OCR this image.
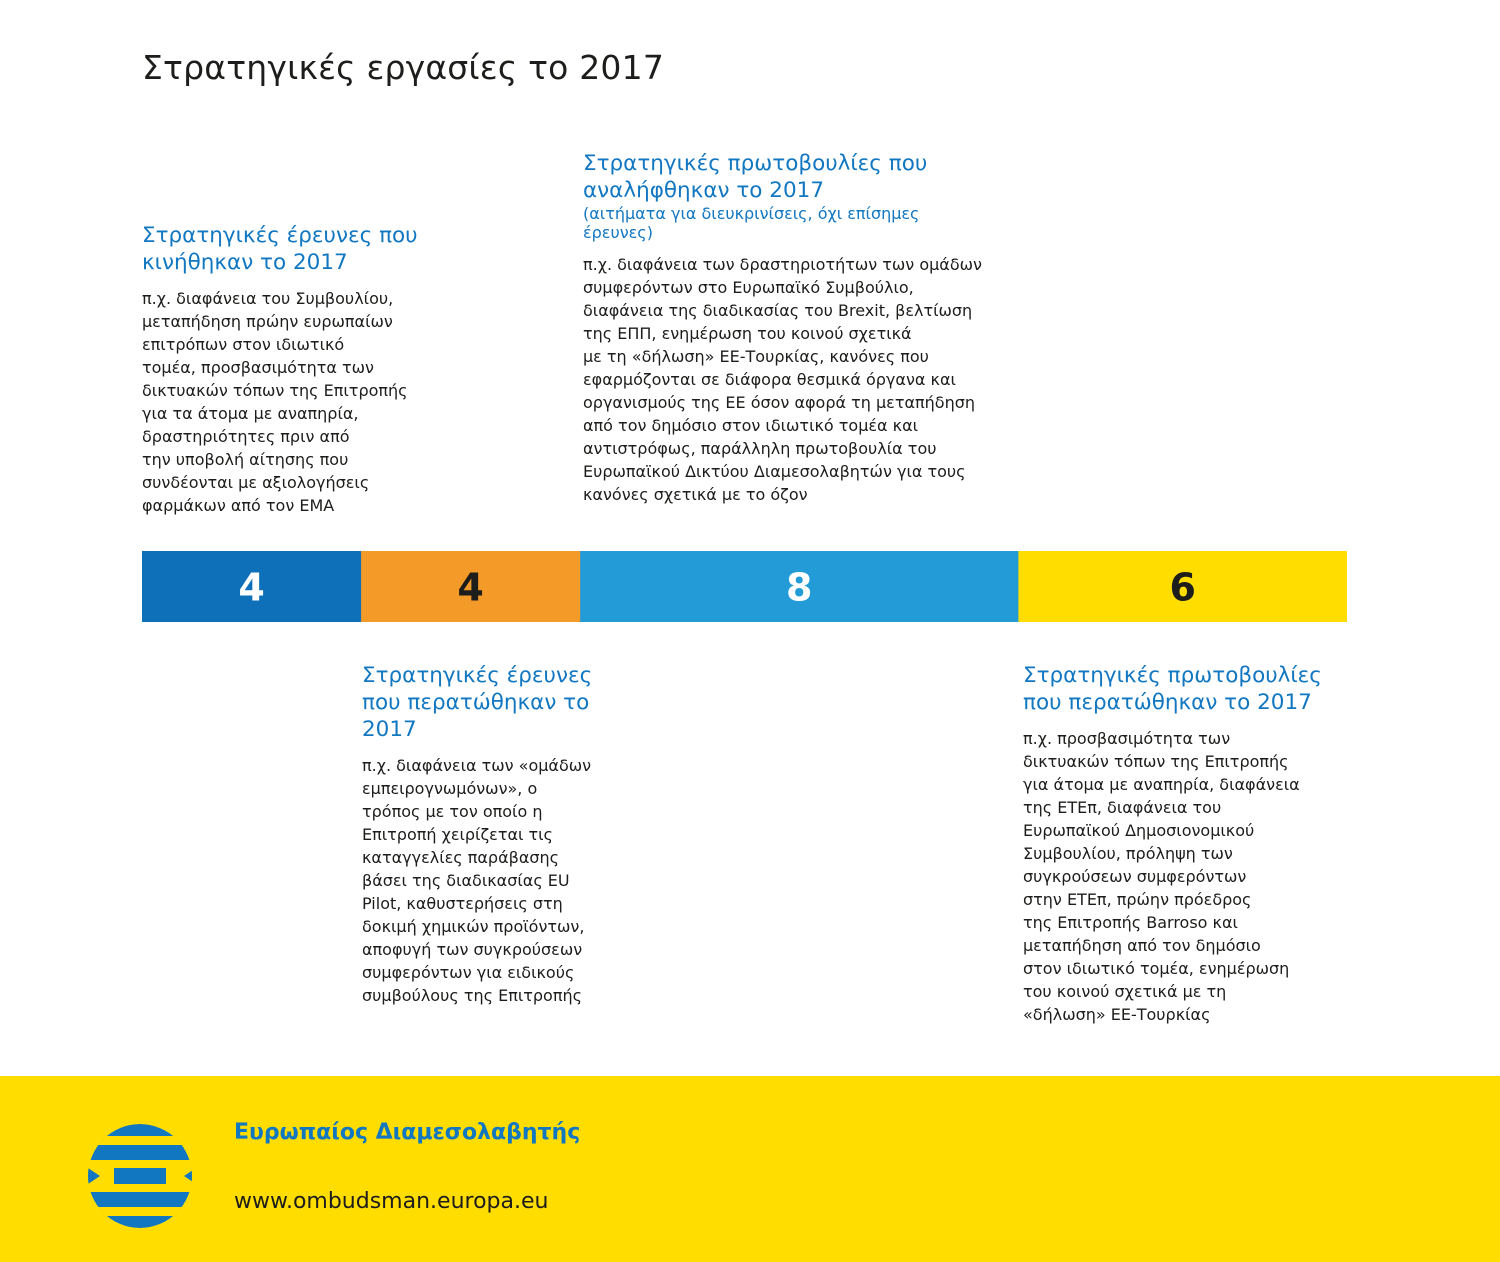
Στρατηγικές εργασίες το 2017
Στρατηγικές έρευνες που
κινήθηκαν το 2017
π.χ. διαφάνεια του Συμβουλίου,
μεταπήδηση πρώην ευρωπαίων
επιτρόπων στον ιδιωτικό
τομέα, προσβασιμότητα των
δικτυακών τόπων της Επιτροπής
για τα άτομα με αναπηρία,
δραστηριότητες πριν από
την υποβολή αίτησης που
συνδέονται με αξιολογήσεις
φαρμάκων από τον ΕΜΑ
Στρατηγικές πρωτοβουλίες που
αναλήφθηκαν το 2017
(αιτήματα για διευκρινίσεις, όχι επίσημες
έρευνες)
π.χ. διαφάνεια των δραστηριοτήτων των ομάδων
συμφερόντων στο Ευρωπαϊκό Συμβούλιο,
διαφάνεια της διαδικασίας του Brexit, βελτίωση
της ΕΠΠ, ενημέρωση του κοινού σχετικά
με τη «δήλωση» ΕΕ-Τουρκίας, κανόνες που
εφαρμόζονται σε διάφορα θεσμικά όργανα και
οργανισμούς της ΕΕ όσον αφορά τη μεταπήδηση
από τον δημόσιο στον ιδιωτικό τομέα και
αντιστρόφως, παράλληλη πρωτοβουλία του
Ευρωπαϊκού Δικτύου Διαμεσολαβητών για τους
κανόνες σχετικά με το όζον
4	4	8	6
Στρατηγικές έρευνες
που περατώθηκαν το
2017
π.χ. διαφάνεια των «ομάδων
εμπειρογνωμόνων», ο
τρόπος με τον οποίο η
Επιτροπή χειρίζεται τις
καταγγελίες παράβασης
βάσει της διαδικασίας EU
Pilot, καθυστερήσεις στη
δοκιμή χημικών προϊόντων,
αποφυγή των συγκρούσεων
συμφερόντων για ειδικούς
συμβούλους της Επιτροπής
Στρατηγικές πρωτοβουλίες
που περατώθηκαν το 2017
π.χ. προσβασιμότητα των
δικτυακών τόπων της Επιτροπής
για άτομα με αναπηρία, διαφάνεια
της ΕΤΕπ, διαφάνεια του
Ευρωπαϊκού Δημοσιονομικού
Συμβουλίου, πρόληψη των
συγκρούσεων συμφερόντων
στην ΕΤΕπ, πρώην πρόεδρος
της Επιτροπής Barroso και
μεταπήδηση από τον δημόσιο
στον ιδιωτικό τομέα, ενημέρωση
του κοινού σχετικά με τη
«δήλωση» ΕΕ-Τουρκίας
Ευρωπαίος Διαμεσολαβητής
www.ombudsman.europa.eu
